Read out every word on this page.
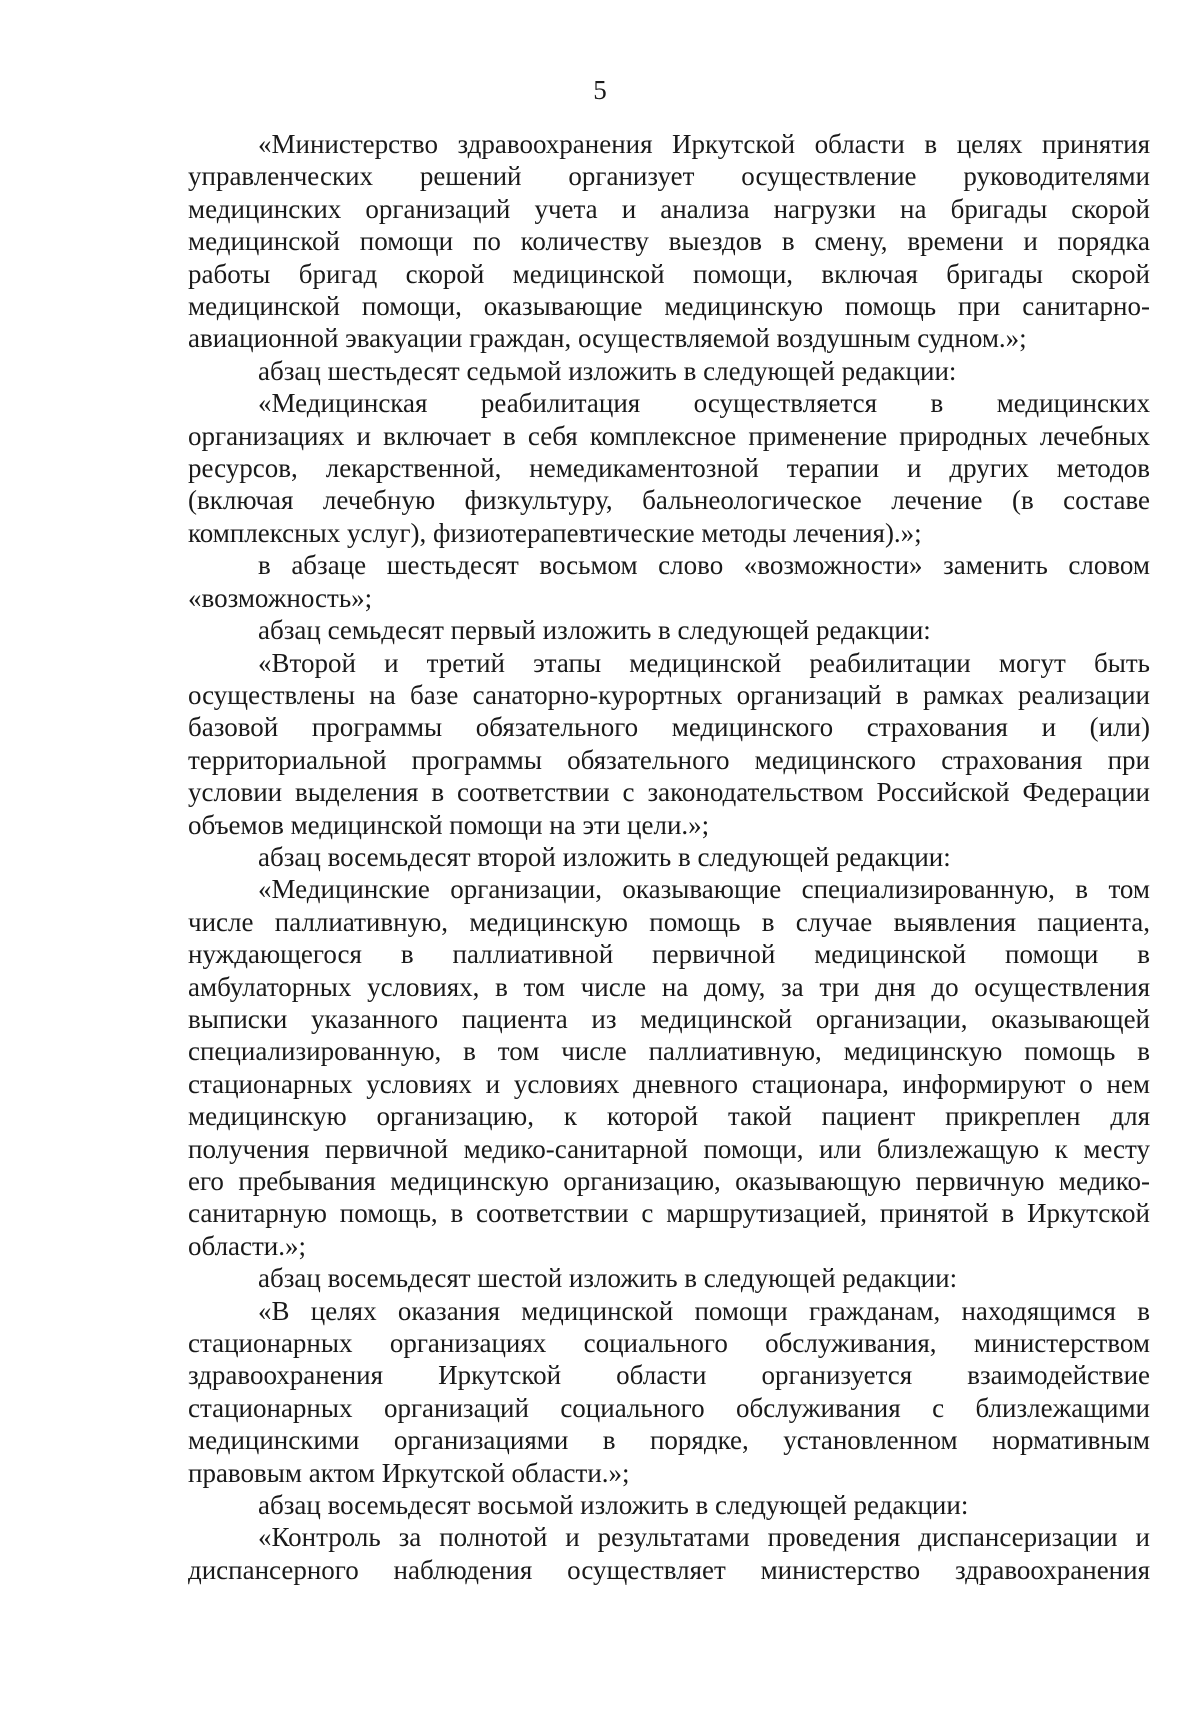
5
«Министерство здравоохранения Иркутской области в целях принятия
управленческих решений организует осуществление руководителями
медицинских организаций учета и анализа нагрузки на бригады скорой
медицинской помощи по количеству выездов в смену, времени и порядка
работы бригад скорой медицинской помощи, включая бригады скорой
медицинской помощи, оказывающие медицинскую помощь при санитарно-
авиационной эвакуации граждан, осуществляемой воздушным судном.»;
абзац шестьдесят седьмой изложить в следующей редакции:
«Медицинская реабилитация осуществляется в медицинских
организациях и включает в себя комплексное применение природных лечебных
ресурсов, лекарственной, немедикаментозной терапии и других методов
(включая лечебную физкультуру, бальнеологическое лечение (в составе
комплексных услуг), физиотерапевтические методы лечения).»;
в абзаце шестьдесят восьмом слово «возможности» заменить словом
«возможность»;
абзац семьдесят первый изложить в следующей редакции:
«Второй и третий этапы медицинской реабилитации могут быть
осуществлены на базе санаторно-курортных организаций в рамках реализации
базовой программы обязательного медицинского страхования и (или)
территориальной программы обязательного медицинского страхования при
условии выделения в соответствии с законодательством Российской Федерации
объемов медицинской помощи на эти цели.»;
абзац восемьдесят второй изложить в следующей редакции:
«Медицинские организации, оказывающие специализированную, в том
числе паллиативную, медицинскую помощь в случае выявления пациента,
нуждающегося в паллиативной первичной медицинской помощи в
амбулаторных условиях, в том числе на дому, за три дня до осуществления
выписки указанного пациента из медицинской организации, оказывающей
специализированную, в том числе паллиативную, медицинскую помощь в
стационарных условиях и условиях дневного стационара, информируют о нем
медицинскую организацию, к которой такой пациент прикреплен для
получения первичной медико-санитарной помощи, или близлежащую к месту
его пребывания медицинскую организацию, оказывающую первичную медико-
санитарную помощь, в соответствии с маршрутизацией, принятой в Иркутской
области.»;
абзац восемьдесят шестой изложить в следующей редакции:
«В целях оказания медицинской помощи гражданам, находящимся в
стационарных организациях социального обслуживания, министерством
здравоохранения Иркутской области организуется взаимодействие
стационарных организаций социального обслуживания с близлежащими
медицинскими организациями в порядке, установленном нормативным
правовым актом Иркутской области.»;
абзац восемьдесят восьмой изложить в следующей редакции:
«Контроль за полнотой и результатами проведения диспансеризации и
диспансерного наблюдения осуществляет министерство здравоохранения
